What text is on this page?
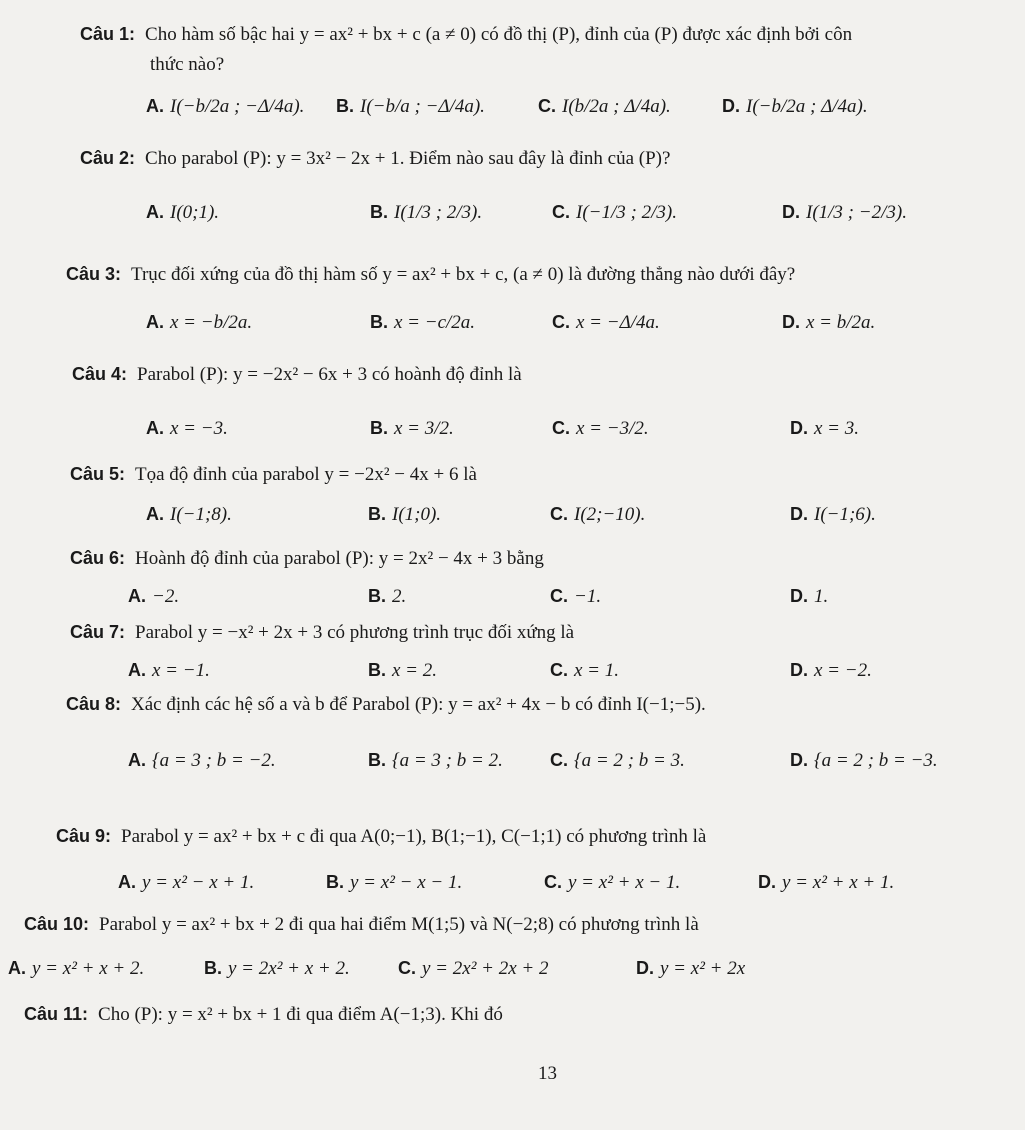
Câu 1: Cho hàm số bậc hai y = ax² + bx + c (a ≠ 0) có đồ thị (P), đỉnh của (P) được xác định bởi côn
thức nào?
A. I(−b/2a ; −Δ/4a). B. I(−b/a ; −Δ/4a).	C. I(b/2a ; Δ/4a).	D. I(−b/2a ; Δ/4a).
Câu 2: Cho parabol (P): y = 3x² − 2x + 1. Điểm nào sau đây là đỉnh của (P)?
A. I(0;1).	B. I(1/3 ; 2/3).	C. I(−1/3 ; 2/3).	D. I(1/3 ; −2/3).
Câu 3: Trục đối xứng của đồ thị hàm số y = ax² + bx + c, (a ≠ 0) là đường thẳng nào dưới đây?
A. x = −b/2a.	B. x = −c/2a.	C. x = −Δ/4a.	D. x = b/2a.
Câu 4: Parabol (P): y = −2x² − 6x + 3 có hoành độ đỉnh là
A. x = −3.	B. x = 3/2.	C. x = −3/2.	D. x = 3.
Câu 5: Tọa độ đỉnh của parabol y = −2x² − 4x + 6 là
A. I(−1;8).	B. I(1;0).	C. I(2;−10).	D. I(−1;6).
Câu 6: Hoành độ đỉnh của parabol (P): y = 2x² − 4x + 3 bằng
A. −2.	B. 2.	C. −1.	D. 1.
Câu 7: Parabol y = −x² + 2x + 3 có phương trình trục đối xứng là
A. x = −1.	B. x = 2.	C. x = 1.	D. x = −2.
Câu 8: Xác định các hệ số a và b để Parabol (P): y = ax² + 4x − b có đỉnh I(−1;−5).
A. {a = 3 ; b = −2.	B. {a = 3 ; b = 2.	C. {a = 2 ; b = 3.	D. {a = 2 ; b = −3.
Câu 9: Parabol y = ax² + bx + c đi qua A(0;−1), B(1;−1), C(−1;1) có phương trình là
A. y = x² − x + 1.	B. y = x² − x − 1.	C. y = x² + x − 1.	D. y = x² + x + 1.
Câu 10: Parabol y = ax² + bx + 2 đi qua hai điểm M(1;5) và N(−2;8) có phương trình là
A. y = x² + x + 2.	B. y = 2x² + x + 2.	C. y = 2x² + 2x + 2	D. y = x² + 2x
Câu 11: Cho (P): y = x² + bx + 1 đi qua điểm A(−1;3). Khi đó
13
